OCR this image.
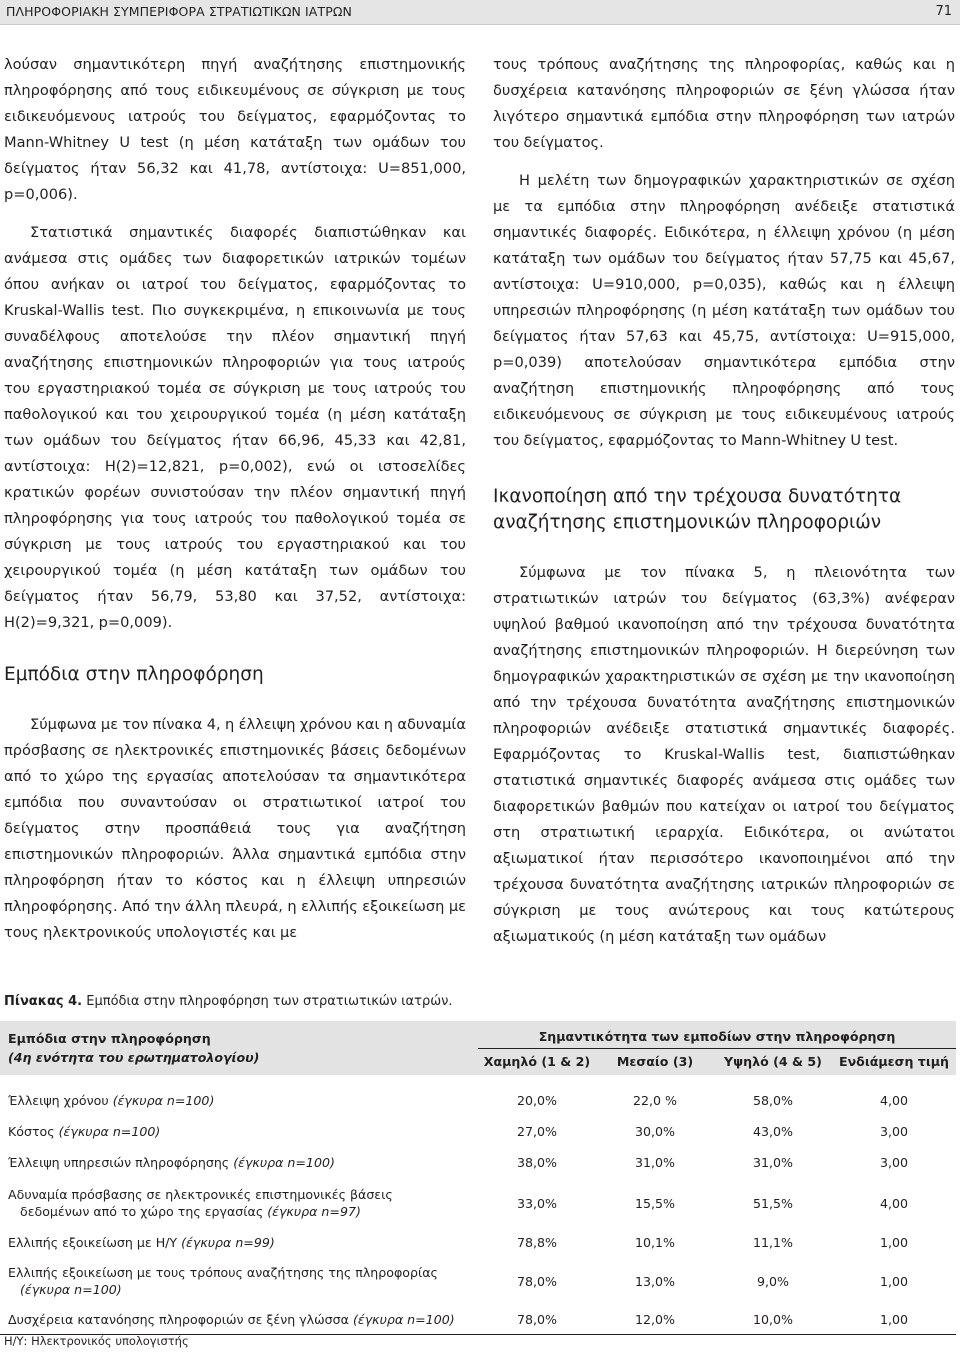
ΠΛΗΡΟΦΟΡΙΑΚΗ ΣΥΜΠΕΡΙΦΟΡΑ ΣΤΡΑΤΙΩΤΙΚΩΝ ΙΑΤΡΩΝ	71

λούσαν σημαντικότερη πηγή αναζήτησης επιστημονικής πληροφόρησης από τους ειδικευμένους σε σύγκριση με τους ειδικευόμενους ιατρούς του δείγματος, εφαρμόζοντας το Mann-Whitney U test (η μέση κατάταξη των ομάδων του δείγματος ήταν 56,32 και 41,78, αντίστοιχα: U=851,000, p=0,006).

Στατιστικά σημαντικές διαφορές διαπιστώθηκαν και ανάμεσα στις ομάδες των διαφορετικών ιατρικών τομέων όπου ανήκαν οι ιατροί του δείγματος, εφαρμόζοντας το Kruskal-Wallis test. Πιο συγκεκριμένα, η επικοινωνία με τους συναδέλφους αποτελούσε την πλέον σημαντική πηγή αναζήτησης επιστημονικών πληροφοριών για τους ιατρούς του εργαστηριακού τομέα σε σύγκριση με τους ιατρούς του παθολογικού και του χειρουργικού τομέα (η μέση κατάταξη των ομάδων του δείγματος ήταν 66,96, 45,33 και 42,81, αντίστοιχα: H(2)=12,821, p=0,002), ενώ οι ιστοσελίδες κρατικών φορέων συνιστούσαν την πλέον σημαντική πηγή πληροφόρησης για τους ιατρούς του παθολογικού τομέα σε σύγκριση με τους ιατρούς του εργαστηριακού και του χειρουργικού τομέα (η μέση κατάταξη των ομάδων του δείγματος ήταν 56,79, 53,80 και 37,52, αντίστοιχα: H(2)=9,321, p=0,009).

Εμπόδια στην πληροφόρηση

Σύμφωνα με τον πίνακα 4, η έλλειψη χρόνου και η αδυναμία πρόσβασης σε ηλεκτρονικές επιστημονικές βάσεις δεδομένων από το χώρο της εργασίας αποτελούσαν τα σημαντικότερα εμπόδια που συναντούσαν οι στρατιωτικοί ιατροί του δείγματος στην προσπάθειά τους για αναζήτηση επιστημονικών πληροφοριών. Άλλα σημαντικά εμπόδια στην πληροφόρηση ήταν το κόστος και η έλλειψη υπηρεσιών πληροφόρησης. Από την άλλη πλευρά, η ελλιπής εξοικείωση με τους ηλεκτρονικούς υπολογιστές και με

τους τρόπους αναζήτησης της πληροφορίας, καθώς και η δυσχέρεια κατανόησης πληροφοριών σε ξένη γλώσσα ήταν λιγότερο σημαντικά εμπόδια στην πληροφόρηση των ιατρών του δείγματος.

Η μελέτη των δημογραφικών χαρακτηριστικών σε σχέση με τα εμπόδια στην πληροφόρηση ανέδειξε στατιστικά σημαντικές διαφορές. Ειδικότερα, η έλλειψη χρόνου (η μέση κατάταξη των ομάδων του δείγματος ήταν 57,75 και 45,67, αντίστοιχα: U=910,000, p=0,035), καθώς και η έλλειψη υπηρεσιών πληροφόρησης (η μέση κατάταξη των ομάδων του δείγματος ήταν 57,63 και 45,75, αντίστοιχα: U=915,000, p=0,039) αποτελούσαν σημαντικότερα εμπόδια στην αναζήτηση επιστημονικής πληροφόρησης από τους ειδικευόμενους σε σύγκριση με τους ειδικευμένους ιατρούς του δείγματος, εφαρμόζοντας το Mann-Whitney U test.

Ικανοποίηση από την τρέχουσα δυνατότητα αναζήτησης επιστημονικών πληροφοριών

Σύμφωνα με τον πίνακα 5, η πλειονότητα των στρατιωτικών ιατρών του δείγματος (63,3%) ανέφεραν υψηλού βαθμού ικανοποίηση από την τρέχουσα δυνατότητα αναζήτησης επιστημονικών πληροφοριών. Η διερεύνηση των δημογραφικών χαρακτηριστικών σε σχέση με την ικανοποίηση από την τρέχουσα δυνατότητα αναζήτησης επιστημονικών πληροφοριών ανέδειξε στατιστικά σημαντικές διαφορές. Εφαρμόζοντας το Kruskal-Wallis test, διαπιστώθηκαν στατιστικά σημαντικές διαφορές ανάμεσα στις ομάδες των διαφορετικών βαθμών που κατείχαν οι ιατροί του δείγματος στη στρατιωτική ιεραρχία. Ειδικότερα, οι ανώτατοι αξιωματικοί ήταν περισσότερο ικανοποιημένοι από την τρέχουσα δυνατότητα αναζήτησης ιατρικών πληροφοριών σε σύγκριση με τους ανώτερους και τους κατώτερους αξιωματικούς (η μέση κατάταξη των ομάδων

Πίνακας 4. Εμπόδια στην πληροφόρηση των στρατιωτικών ιατρών.
Εμπόδια στην πληροφόρηση
(4η ενότητα του ερωτηματολογίου)	Σημαντικότητα των εμποδίων στην πληροφόρηση			
	Χαμηλό (1 & 2)	Μεσαίο (3)	Υψηλό (4 & 5)	Ενδιάμεση τιμή

Έλλειψη χρόνου (έγκυρα n=100)	20,0%	22,0 %	58,0%	4,00
Κόστος (έγκυρα n=100)	27,0%	30,0%	43,0%	3,00
Έλλειψη υπηρεσιών πληροφόρησης (έγκυρα n=100)	38,0%	31,0%	31,0%	3,00
Αδυναμία πρόσβασης σε ηλεκτρονικές επιστημονικές βάσεις
δεδομένων από το χώρο της εργασίας (έγκυρα n=97)	33,0%	15,5%	51,5%	4,00
Ελλιπής εξοικείωση με Η/Υ (έγκυρα n=99)	78,8%	10,1%	11,1%	1,00
Ελλιπής εξοικείωση με τους τρόπους αναζήτησης της πληροφορίας
(έγκυρα n=100)	78,0%	13,0%	9,0%	1,00
Δυσχέρεια κατανόησης πληροφοριών σε ξένη γλώσσα (έγκυρα n=100)	78,0%	12,0%	10,0%	1,00
Η/Υ: Ηλεκτρονικός υπολογιστής
